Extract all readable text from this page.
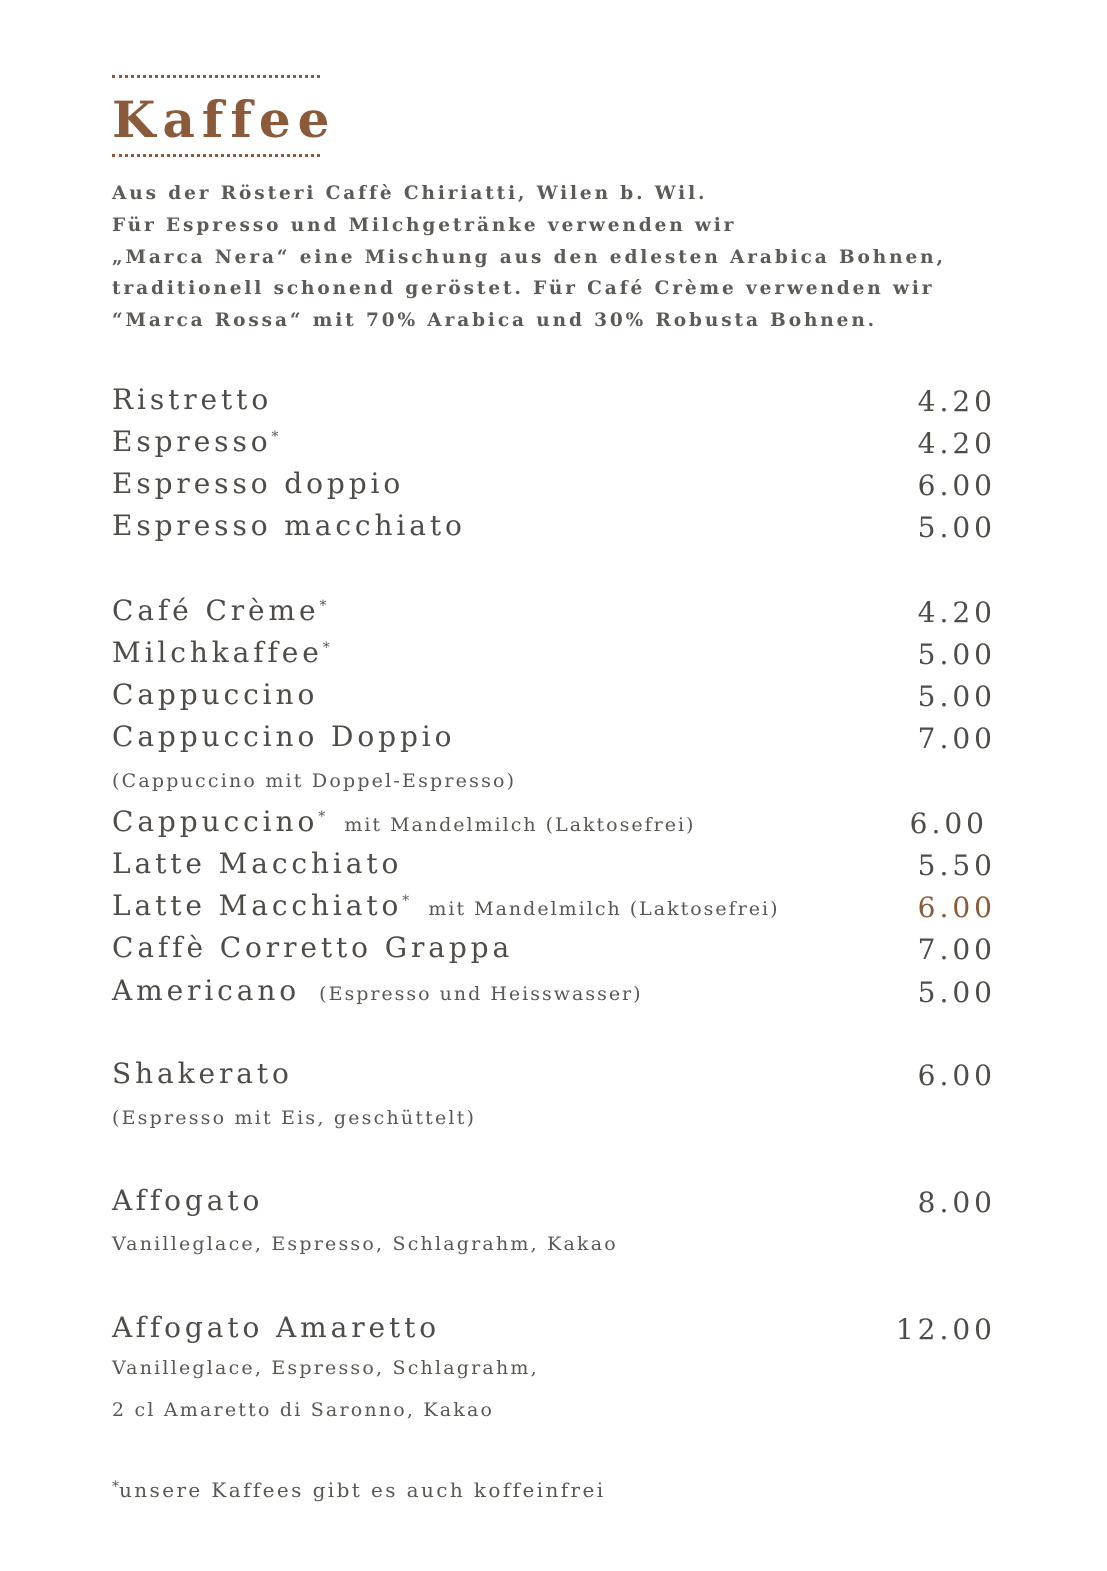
Kaffee
Aus der Rösteri Caffè Chiriatti, Wilen b. Wil.
Für Espresso und Milchgetränke verwenden wir
„Marca Nera“ eine Mischung aus den edlesten Arabica Bohnen,
traditionell schonend geröstet. Für Café Crème verwenden wir
“Marca Rossa“ mit 70% Arabica und 30% Robusta Bohnen.
Ristretto	4.20
Espresso*	4.20
Espresso doppio	6.00
Espresso macchiato	5.00
Café Crème*	4.20
Milchkaffee*	5.00
Cappuccino	5.00
Cappuccino Doppio	7.00
(Cappuccino mit Doppel-Espresso)
Cappuccino* mit Mandelmilch (Laktosefrei)	6.00
Latte Macchiato	5.50
Latte Macchiato* mit Mandelmilch (Laktosefrei)	6.00
Caffè Corretto Grappa	7.00
Americano (Espresso und Heisswasser)	5.00
Shakerato	6.00
(Espresso mit Eis, geschüttelt)
Affogato	8.00
Vanilleglace, Espresso, Schlagrahm, Kakao
Affogato Amaretto	12.00
Vanilleglace, Espresso, Schlagrahm,
2 cl Amaretto di Saronno, Kakao
*unsere Kaffees gibt es auch koffeinfrei
